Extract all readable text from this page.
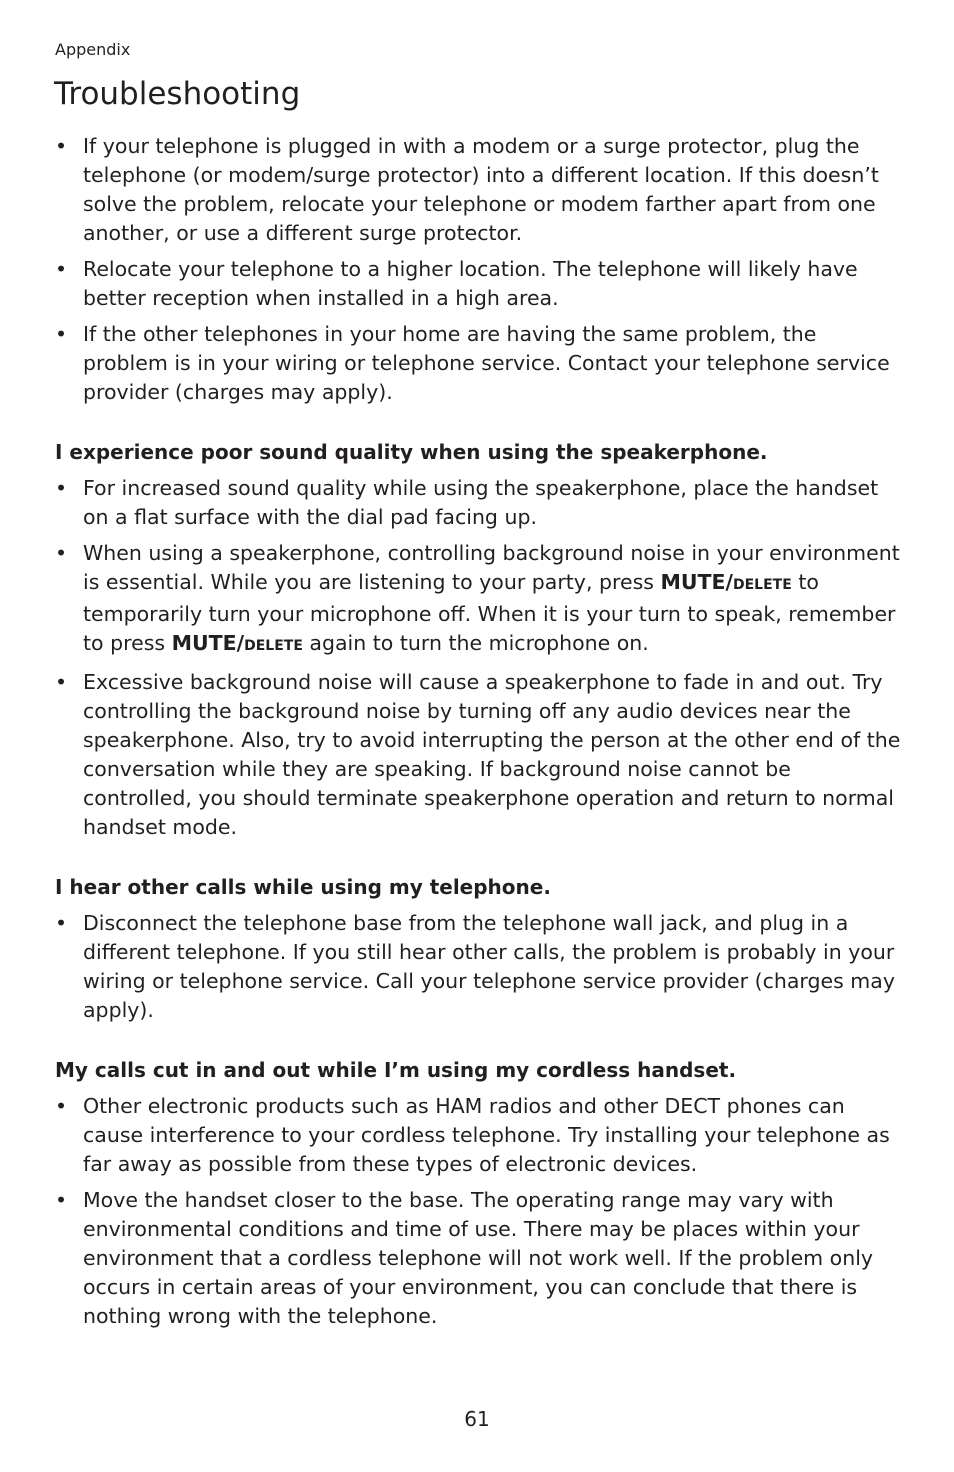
Appendix
Troubleshooting
• If your telephone is plugged in with a modem or a surge protector, plug the telephone (or modem/surge protector) into a different location. If this doesn’t solve the problem, relocate your telephone or modem farther apart from one another, or use a different surge protector.
• Relocate your telephone to a higher location. The telephone will likely have better reception when installed in a high area.
• If the other telephones in your home are having the same problem, the problem is in your wiring or telephone service. Contact your telephone service provider (charges may apply).
I experience poor sound quality when using the speakerphone.
• For increased sound quality while using the speakerphone, place the handset on a flat surface with the dial pad facing up.
• When using a speakerphone, controlling background noise in your environment is essential. While you are listening to your party, press MUTE/DELETE to temporarily turn your microphone off. When it is your turn to speak, remember to press MUTE/DELETE again to turn the microphone on.
• Excessive background noise will cause a speakerphone to fade in and out. Try controlling the background noise by turning off any audio devices near the speakerphone. Also, try to avoid interrupting the person at the other end of the conversation while they are speaking. If background noise cannot be controlled, you should terminate speakerphone operation and return to normal handset mode.
I hear other calls while using my telephone.
• Disconnect the telephone base from the telephone wall jack, and plug in a different telephone. If you still hear other calls, the problem is probably in your wiring or telephone service. Call your telephone service provider (charges may apply).
My calls cut in and out while I’m using my cordless handset.
• Other electronic products such as HAM radios and other DECT phones can cause interference to your cordless telephone. Try installing your telephone as far away as possible from these types of electronic devices.
• Move the handset closer to the base. The operating range may vary with environmental conditions and time of use. There may be places within your environment that a cordless telephone will not work well. If the problem only occurs in certain areas of your environment, you can conclude that there is nothing wrong with the telephone.
61
